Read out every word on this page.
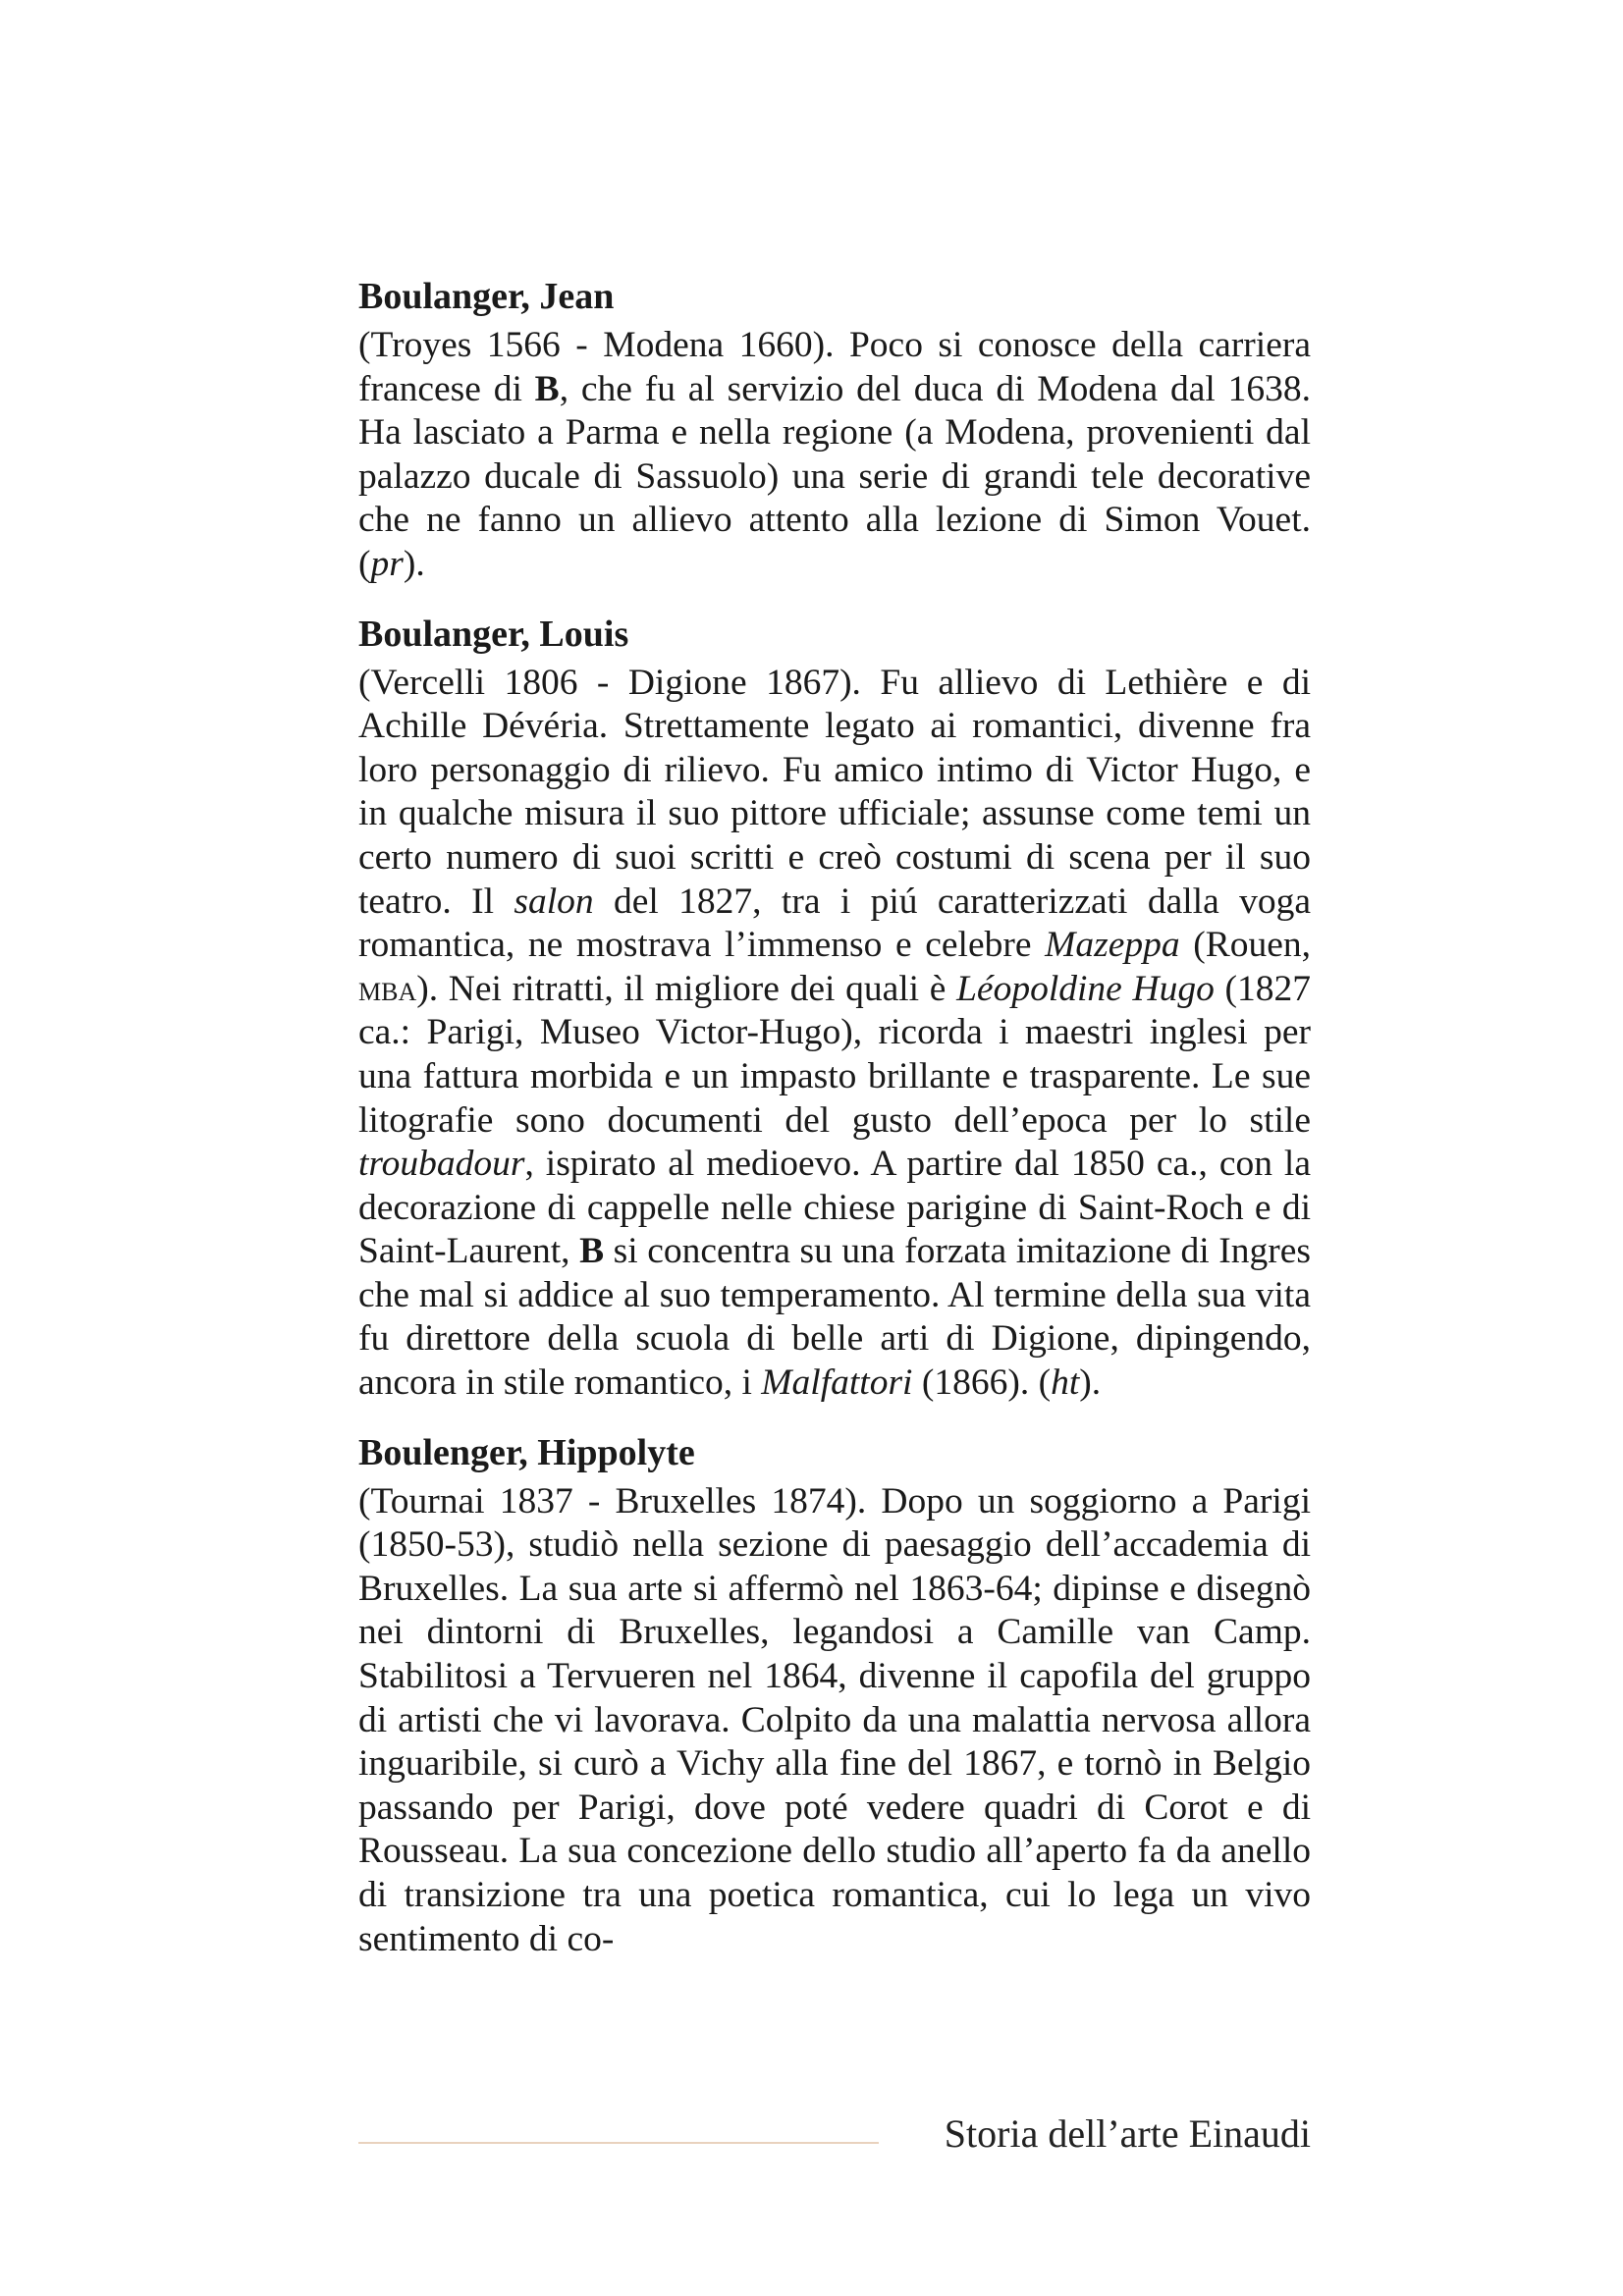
Boulanger, Jean
(Troyes 1566 - Modena 1660). Poco si conosce della carriera francese di B, che fu al servizio del duca di Modena dal 1638. Ha lasciato a Parma e nella regione (a Modena, provenienti dal palazzo ducale di Sassuolo) una serie di grandi tele decorative che ne fanno un allievo attento alla lezione di Simon Vouet. (pr).
Boulanger, Louis
(Vercelli 1806 - Digione 1867). Fu allievo di Lethière e di Achille Dévéria. Strettamente legato ai romantici, divenne fra loro personaggio di rilievo. Fu amico intimo di Victor Hugo, e in qualche misura il suo pittore ufficiale; assunse come temi un certo numero di suoi scritti e creò costumi di scena per il suo teatro. Il salon del 1827, tra i piú caratterizzati dalla voga romantica, ne mostrava l’immenso e celebre Mazeppa (Rouen, mba). Nei ritratti, il migliore dei quali è Léopoldine Hugo (1827 ca.: Parigi, Museo Victor-Hugo), ricorda i maestri inglesi per una fattura morbida e un impasto brillante e trasparente. Le sue litografie sono documenti del gusto dell’epoca per lo stile troubadour, ispirato al medioevo. A partire dal 1850 ca., con la decorazione di cappelle nelle chiese parigine di Saint-Roch e di Saint-Laurent, B si concentra su una forzata imitazione di Ingres che mal si addice al suo temperamento. Al termine della sua vita fu direttore della scuola di belle arti di Digione, dipingendo, ancora in stile romantico, i Malfattori (1866). (ht).
Boulenger, Hippolyte
(Tournai 1837 - Bruxelles 1874). Dopo un soggiorno a Parigi (1850-53), studiò nella sezione di paesaggio dell’accademia di Bruxelles. La sua arte si affermò nel 1863-64; dipinse e disegnò nei dintorni di Bruxelles, legandosi a Camille van Camp. Stabilitosi a Tervueren nel 1864, divenne il capofila del gruppo di artisti che vi lavorava. Colpito da una malattia nervosa allora inguaribile, si curò a Vichy alla fine del 1867, e tornò in Belgio passando per Parigi, dove poté vedere quadri di Corot e di Rousseau. La sua concezione dello studio all’aperto fa da anello di transizione tra una poetica romantica, cui lo lega un vivo sentimento di co-
Storia dell’arte Einaudi
